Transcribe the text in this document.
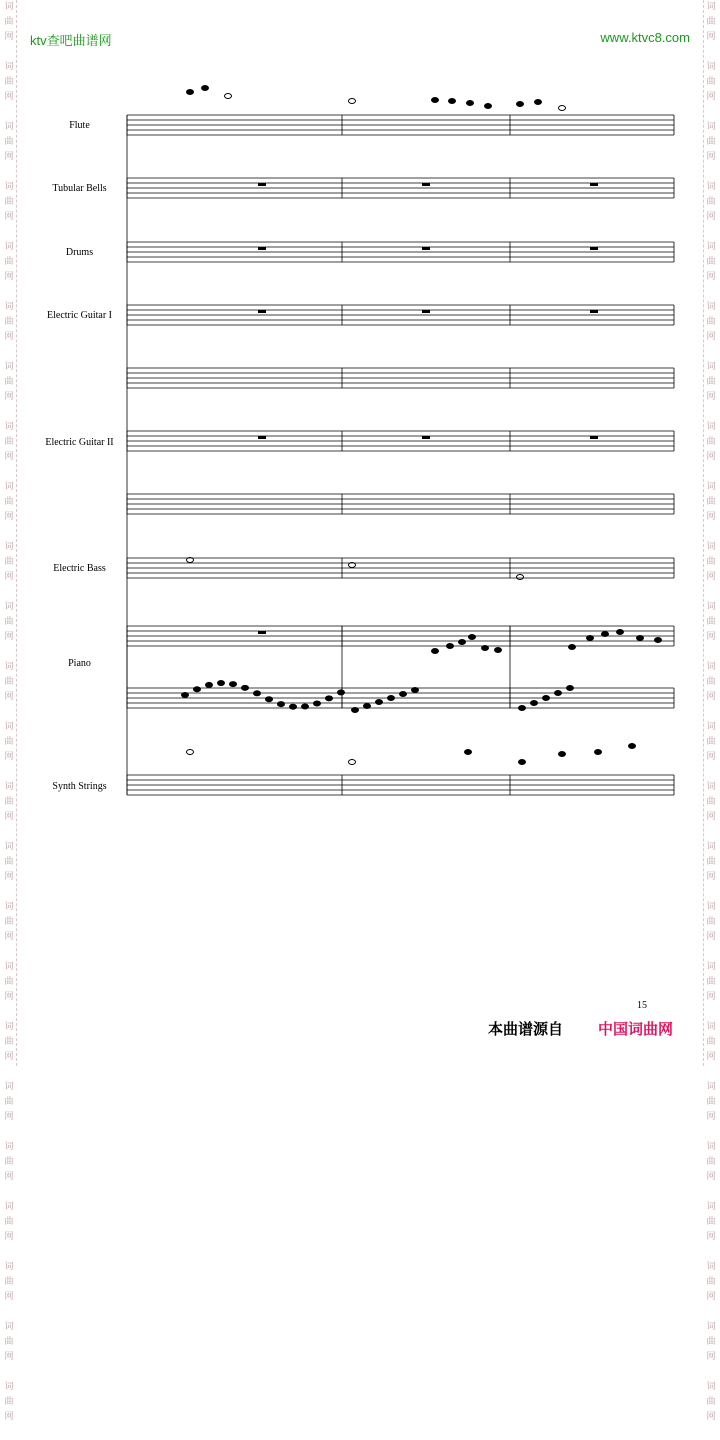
词
曲
网

词
曲
网

词
曲
网

词
曲
网

词
曲
网

词
曲
网

词
曲
网

词
曲
网

词
曲
网

词
曲
网

词
曲
网

词
曲
网

词
曲
网

词
曲
网

词
曲
网

词
曲
网

词
曲
网

词
曲
网

词
曲
网

词
曲
网

词
曲
网

词
曲
网

词
曲
网

词
曲
网

词
曲
网

词
曲
网

词
曲
网

词
曲
网

词
曲
网

词
曲
网

词
曲
网

词
曲
网

词
曲
网

词
曲
网

词
曲
网

词
曲
网

词
曲
网

词
曲
网

词
曲
网

词
曲
网

词
曲
网

词
曲
网

词
曲
网

词
曲
网

词
曲
网

词
曲
网

词
曲
网

词
曲
网

ktv查吧曲谱网	www.ktvc8.com
Flute
Tubular Bells
Drums
Electric Guitar I
Electric Guitar II
Electric Bass
Piano
Synth Strings
15
本曲谱源自 中国词曲网
